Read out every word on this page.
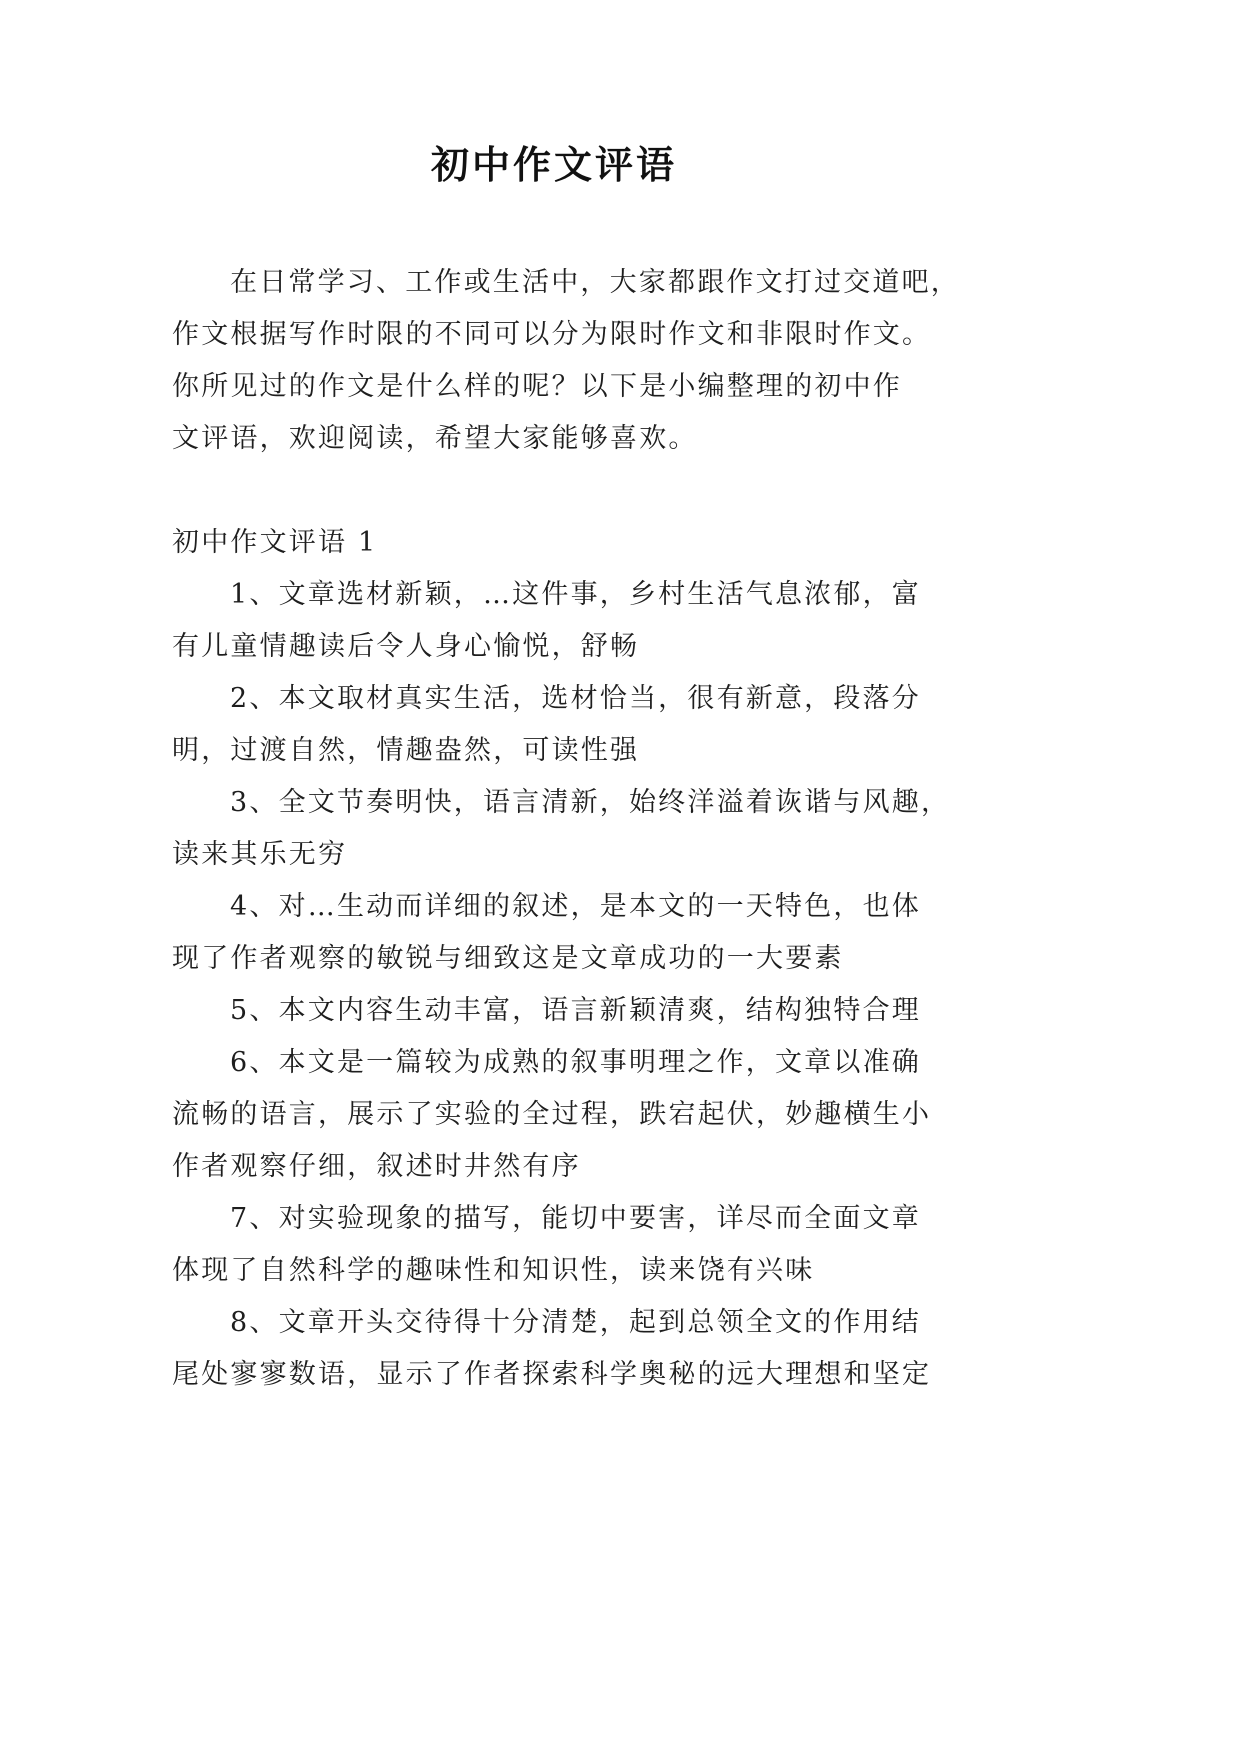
初中作文评语
在日常学习、工作或生活中，大家都跟作文打过交道吧，
作文根据写作时限的不同可以分为限时作文和非限时作文。
你所见过的作文是什么样的呢？以下是小编整理的初中作
文评语，欢迎阅读，希望大家能够喜欢。
初中作文评语 1
1、文章选材新颖，…这件事，乡村生活气息浓郁，富
有儿童情趣读后令人身心愉悦，舒畅
2、本文取材真实生活，选材恰当，很有新意，段落分
明，过渡自然，情趣盎然，可读性强
3、全文节奏明快，语言清新，始终洋溢着诙谐与风趣，
读来其乐无穷
4、对…生动而详细的叙述，是本文的一天特色，也体
现了作者观察的敏锐与细致这是文章成功的一大要素
5、本文内容生动丰富，语言新颖清爽，结构独特合理
6、本文是一篇较为成熟的叙事明理之作，文章以准确
流畅的语言，展示了实验的全过程，跌宕起伏，妙趣横生小
作者观察仔细，叙述时井然有序
7、对实验现象的描写，能切中要害，详尽而全面文章
体现了自然科学的趣味性和知识性，读来饶有兴味
8、文章开头交待得十分清楚，起到总领全文的作用结
尾处寥寥数语，显示了作者探索科学奥秘的远大理想和坚定
